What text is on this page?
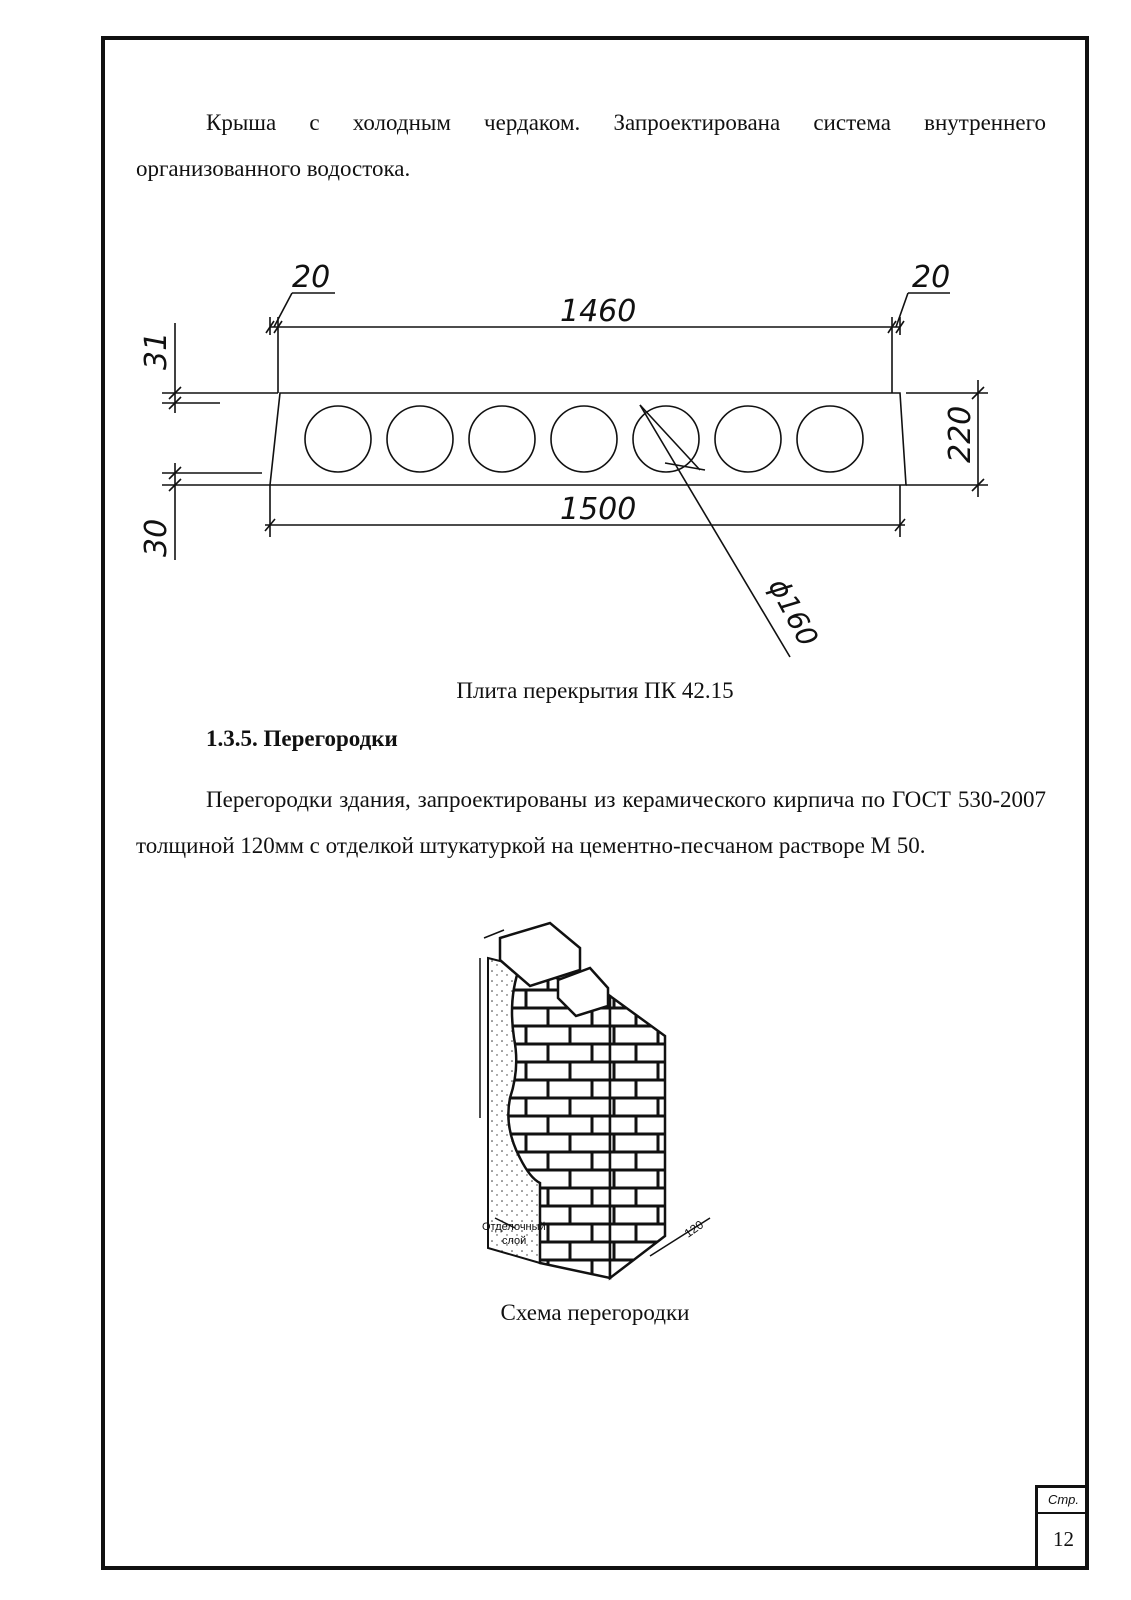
Крыша с холодным чердаком. Запроектирована система внутреннего организованного водостока.

20	20
1460
1500
220
31
30
ϕ160

Плита перекрытия ПК 42.15

1.3.5. Перегородки

Перегородки здания, запроектированы из керамического кирпича по ГОСТ 530-2007 толщиной 120мм с отделкой штукатуркой на цементно-песчаном растворе М 50.

Отделочный
слой
120

Схема перегородки

Стр.
12
